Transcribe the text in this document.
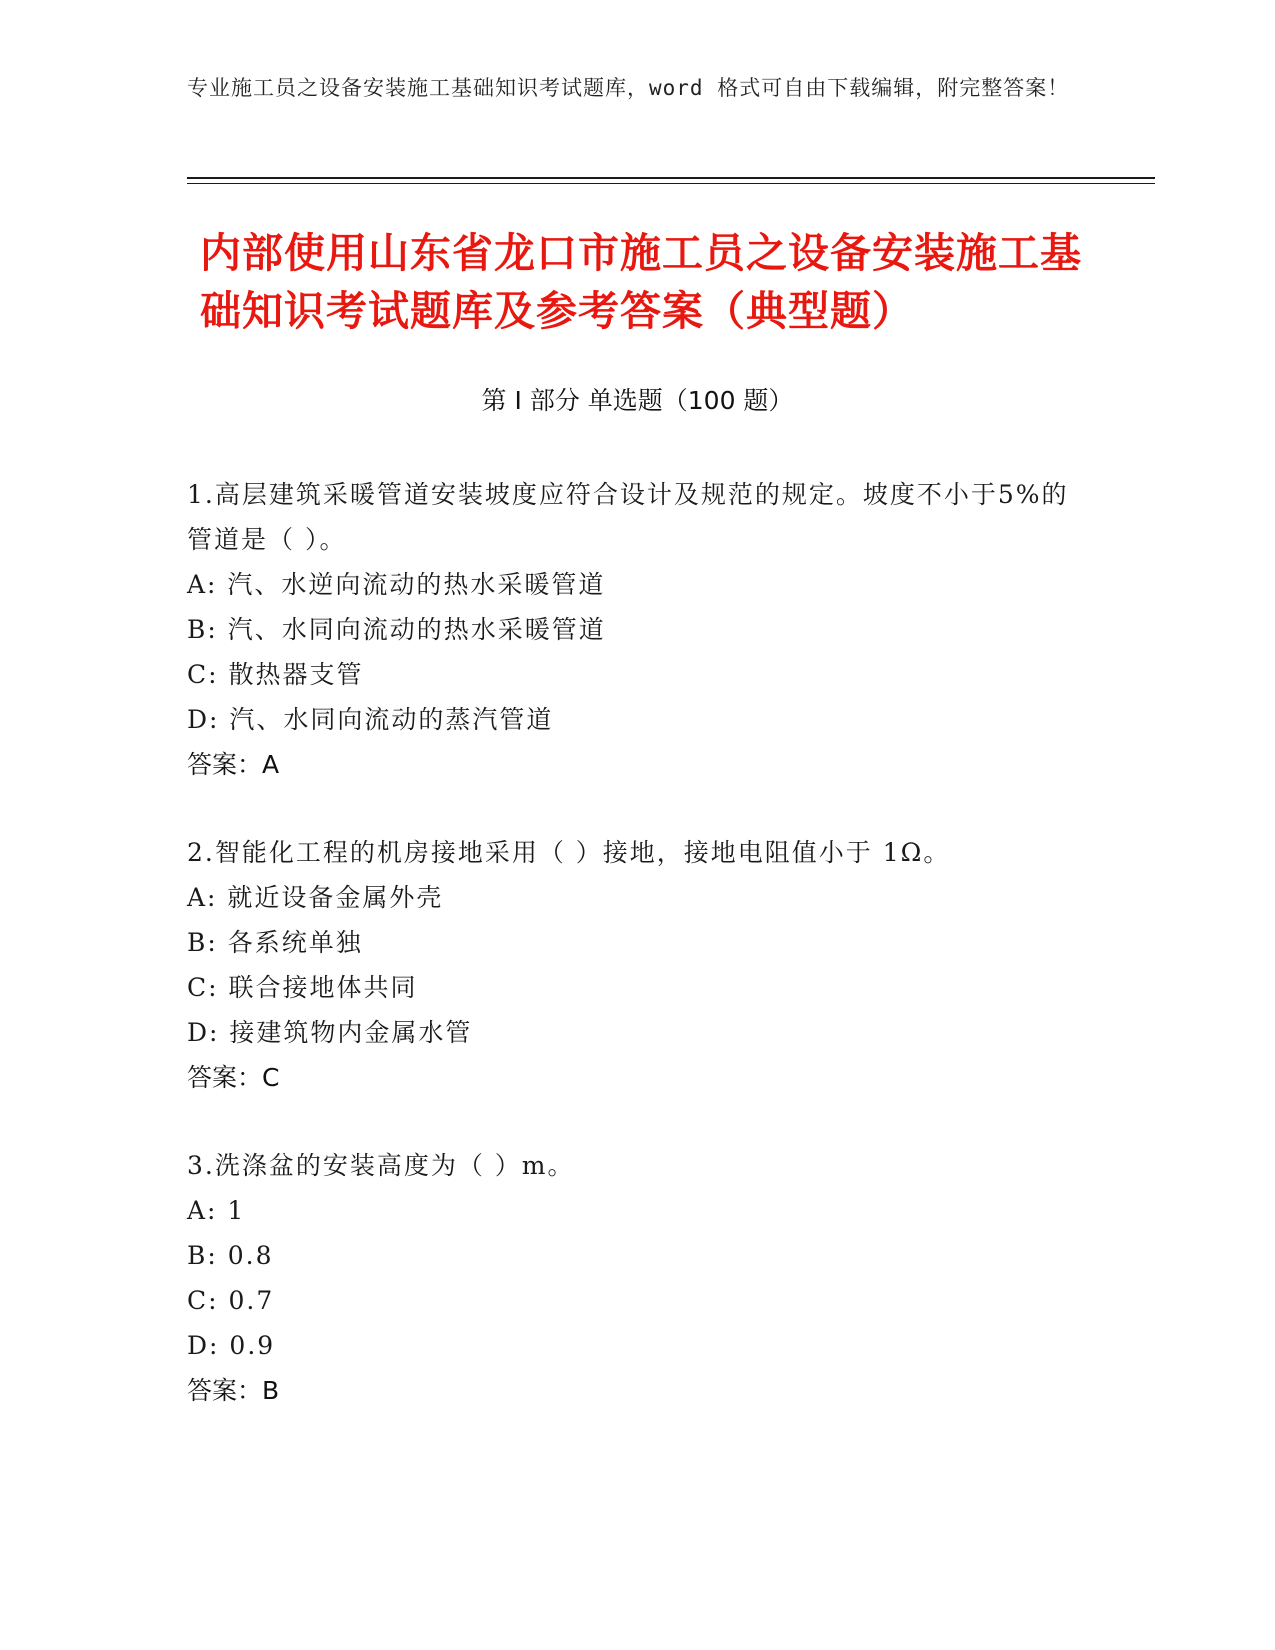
专业施工员之设备安装施工基础知识考试题库，word 格式可自由下载编辑，附完整答案！
内部使用山东省龙口市施工员之设备安装施工基础知识考试题库及参考答案（典型题）
第 I 部分 单选题（100 题）

1.高层建筑采暖管道安装坡度应符合设计及规范的规定。坡度不小于5%的管道是（ ）。

A: 汽、水逆向流动的热水采暖管道

B: 汽、水同向流动的热水采暖管道

C: 散热器支管

D: 汽、水同向流动的蒸汽管道

答案：A

2.智能化工程的机房接地采用（ ）接地，接地电阻值小于 1Ω。

A: 就近设备金属外壳

B: 各系统单独

C: 联合接地体共同

D: 接建筑物内金属水管

答案：C

3.洗涤盆的安装高度为（ ）m。

A: 1

B: 0.8

C: 0.7

D: 0.9

答案：B
